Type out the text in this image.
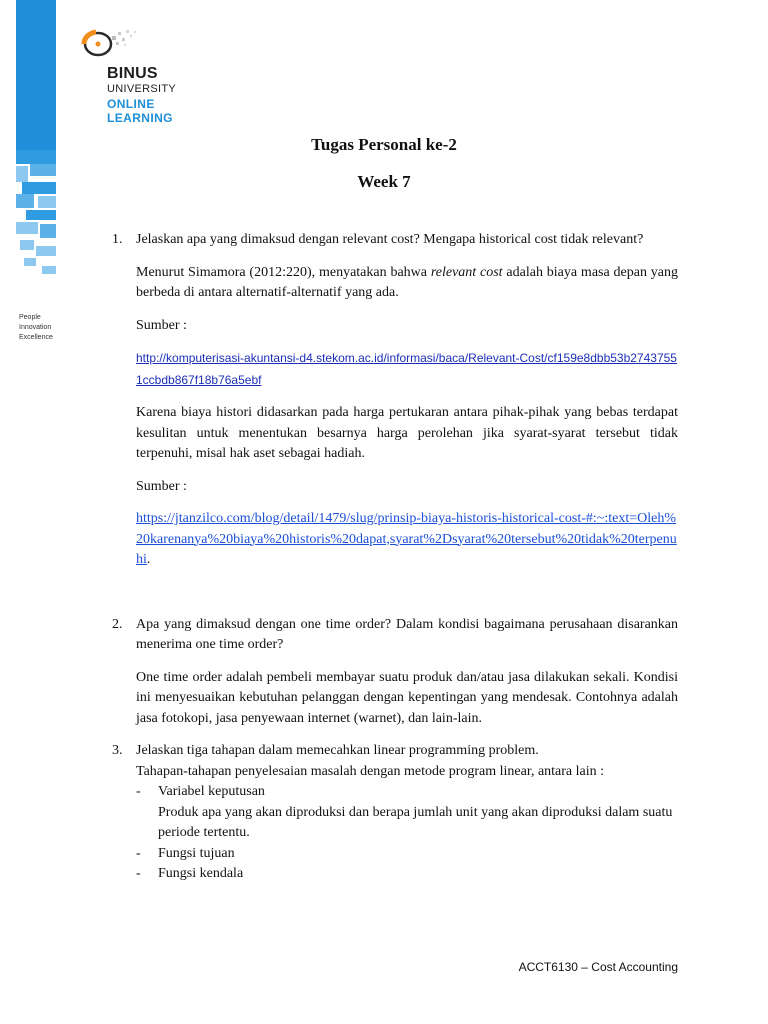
People
Innovation
Excellence
BINUS
UNIVERSITY
ONLINE
LEARNING
Tugas Personal ke-2
Week 7
1. Jelaskan apa yang dimaksud dengan relevant cost? Mengapa historical cost tidak relevant?
Menurut Simamora (2012:220), menyatakan bahwa relevant cost adalah biaya masa depan yang berbeda di antara alternatif-alternatif yang ada.
Sumber :
http://komputerisasi-akuntansi-d4.stekom.ac.id/informasi/baca/Relevant-Cost/cf159e8dbb53b27437551ccbdb867f18b76a5ebf
Karena biaya histori didasarkan pada harga pertukaran antara pihak-pihak yang bebas terdapat kesulitan untuk menentukan besarnya harga perolehan jika syarat-syarat tersebut tidak terpenuhi, misal hak aset sebagai hadiah.
Sumber :
https://jtanzilco.com/blog/detail/1479/slug/prinsip-biaya-historis-historical-cost-#:~:text=Oleh%20karenanya%20biaya%20historis%20dapat,syarat%2Dsyarat%20tersebut%20tidak%20terpenuhi.
2. Apa yang dimaksud dengan one time order? Dalam kondisi bagaimana perusahaan disarankan menerima one time order?
One time order adalah pembeli membayar suatu produk dan/atau jasa dilakukan sekali. Kondisi ini menyesuaikan kebutuhan pelanggan dengan kepentingan yang mendesak. Contohnya adalah jasa fotokopi, jasa penyewaan internet (warnet), dan lain-lain.
3. Jelaskan tiga tahapan dalam memecahkan linear programming problem.
Tahapan-tahapan penyelesaian masalah dengan metode program linear, antara lain :
- Variabel keputusan
Produk apa yang akan diproduksi dan berapa jumlah unit yang akan diproduksi dalam suatu periode tertentu.
- Fungsi tujuan
- Fungsi kendala
ACCT6130 – Cost Accounting
